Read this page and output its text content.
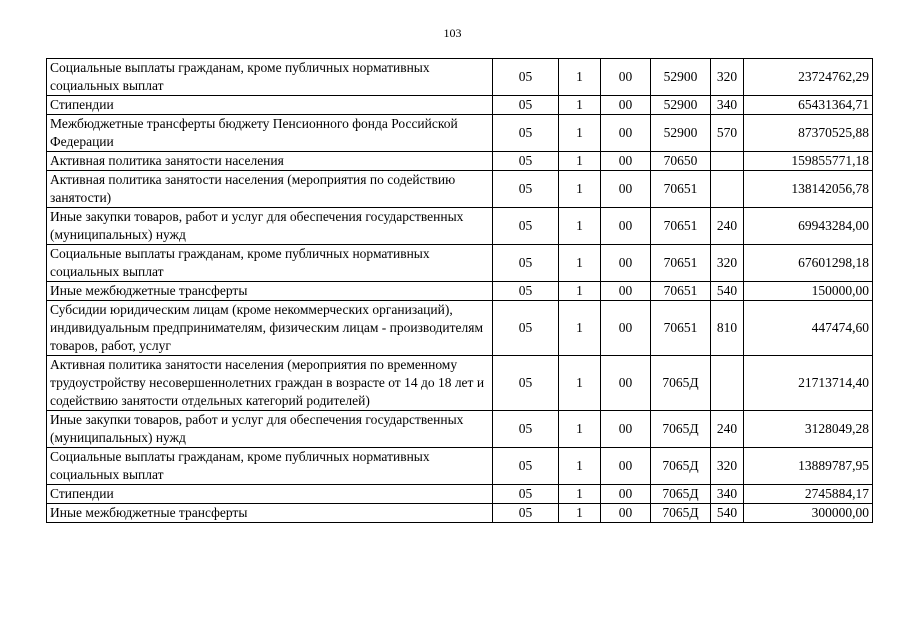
103
Социальные выплаты гражданам, кроме публичных нормативных социальных выплат	05	1	00	52900	320	23724762,29
Стипендии	05	1	00	52900	340	65431364,71
Межбюджетные трансферты бюджету Пенсионного фонда Российской Федерации	05	1	00	52900	570	87370525,88
Активная политика занятости населения	05	1	00	70650		159855771,18
Активная политика занятости населения (мероприятия по содействию занятости)	05	1	00	70651		138142056,78
Иные закупки товаров, работ и услуг для обеспечения государственных (муниципальных) нужд	05	1	00	70651	240	69943284,00
Социальные выплаты гражданам, кроме публичных нормативных социальных выплат	05	1	00	70651	320	67601298,18
Иные межбюджетные трансферты	05	1	00	70651	540	150000,00
Субсидии юридическим лицам (кроме некоммерческих организаций), индивидуальным предпринимателям, физическим лицам - производителям товаров, работ, услуг	05	1	00	70651	810	447474,60
Активная политика занятости населения (мероприятия по временному трудоустройству несовершеннолетних граждан в возрасте от 14 до 18 лет и содействию занятости отдельных категорий родителей)	05	1	00	7065Д		21713714,40
Иные закупки товаров, работ и услуг для обеспечения государственных (муниципальных) нужд	05	1	00	7065Д	240	3128049,28
Социальные выплаты гражданам, кроме публичных нормативных социальных выплат	05	1	00	7065Д	320	13889787,95
Стипендии	05	1	00	7065Д	340	2745884,17
Иные межбюджетные трансферты	05	1	00	7065Д	540	300000,00
